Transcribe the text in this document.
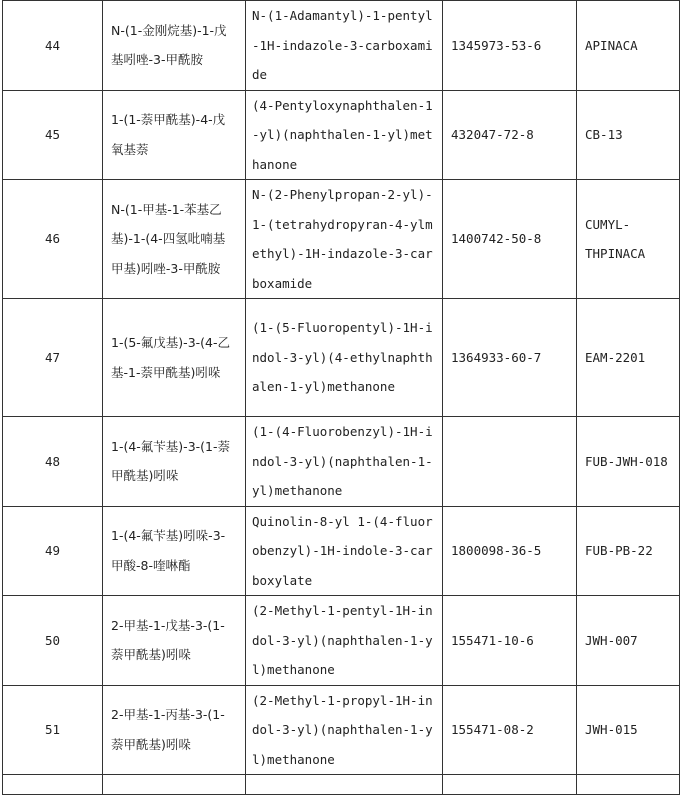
44	N-(1-金刚烷基)-1-戊基吲唑-3-甲酰胺	N-(1-Adamantyl)-1-pentyl-1H-indazole-3-carboxamide	1345973-53-6	APINACA
45	1-(1-萘甲酰基)-4-戊氧基萘	(4-Pentyloxynaphthalen-1-yl)(naphthalen-1-yl)methanone	432047-72-8	CB-13
46	N-(1-甲基-1-苯基乙基)-1-(4-四氢吡喃基甲基)吲唑-3-甲酰胺	N-(2-Phenylpropan-2-yl)-1-(tetrahydropyran-4-ylmethyl)-1H-indazole-3-carboxamide	1400742-50-8	CUMYL-THPINACA
47	1-(5-氟戊基)-3-(4-乙基-1-萘甲酰基)吲哚	(1-(5-Fluoropentyl)-1H-indol-3-yl)(4-ethylnaphthalen-1-yl)methanone	1364933-60-7	EAM-2201
48	1-(4-氟苄基)-3-(1-萘甲酰基)吲哚	(1-(4-Fluorobenzyl)-1H-indol-3-yl)(naphthalen-1-yl)methanone		FUB-JWH-018
49	1-(4-氟苄基)吲哚-3-甲酸-8-喹啉酯	Quinolin-8-yl 1-(4-fluorobenzyl)-1H-indole-3-carboxylate	1800098-36-5	FUB-PB-22
50	2-甲基-1-戊基-3-(1-萘甲酰基)吲哚	(2-Methyl-1-pentyl-1H-indol-3-yl)(naphthalen-1-yl)methanone	155471-10-6	JWH-007
51	2-甲基-1-丙基-3-(1-萘甲酰基)吲哚	(2-Methyl-1-propyl-1H-indol-3-yl)(naphthalen-1-yl)methanone	155471-08-2	JWH-015
